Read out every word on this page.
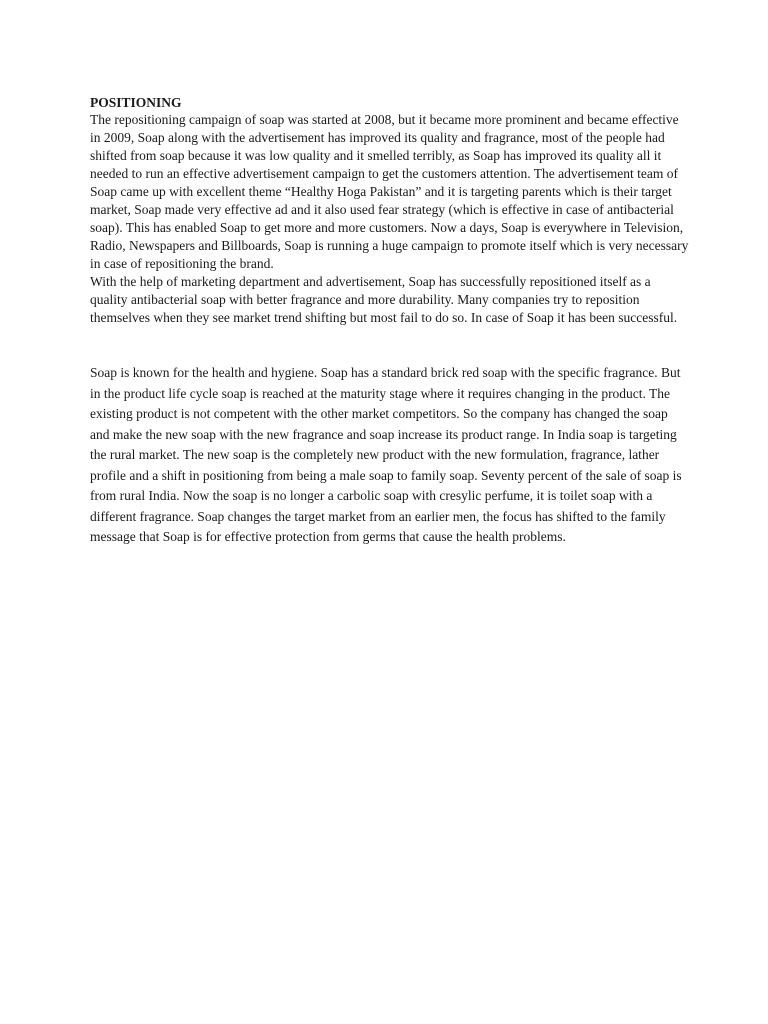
POSITIONING

The repositioning campaign of soap was started at 2008, but it became more prominent and became effective in 2009, Soap along with the advertisement has improved its quality and fragrance, most of the people had shifted from soap because it was low quality and it smelled terribly, as Soap has improved its quality all it needed to run an effective advertisement campaign to get the customers attention. The advertisement team of Soap came up with excellent theme “Healthy Hoga Pakistan” and it is targeting parents which is their target market, Soap made very effective ad and it also used fear strategy (which is effective in case of antibacterial soap). This has enabled Soap to get more and more customers. Now a days, Soap is everywhere in Television, Radio, Newspapers and Billboards, Soap is running a huge campaign to promote itself which is very necessary in case of repositioning the brand.

With the help of marketing department and advertisement, Soap has successfully repositioned itself as a quality antibacterial soap with better fragrance and more durability. Many companies try to reposition themselves when they see market trend shifting but most fail to do so. In case of Soap it has been successful.

Soap is known for the health and hygiene. Soap has a standard brick red soap with the specific fragrance. But in the product life cycle soap is reached at the maturity stage where it requires changing in the product. The existing product is not competent with the other market competitors. So the company has changed the soap and make the new soap with the new fragrance and soap increase its product range. In India soap is targeting the rural market. The new soap is the completely new product with the new formulation, fragrance, lather profile and a shift in positioning from being a male soap to family soap. Seventy percent of the sale of soap is from rural India. Now the soap is no longer a carbolic soap with cresylic perfume, it is toilet soap with a different fragrance. Soap changes the target market from an earlier men, the focus has shifted to the family message that Soap is for effective protection from germs that cause the health problems.
